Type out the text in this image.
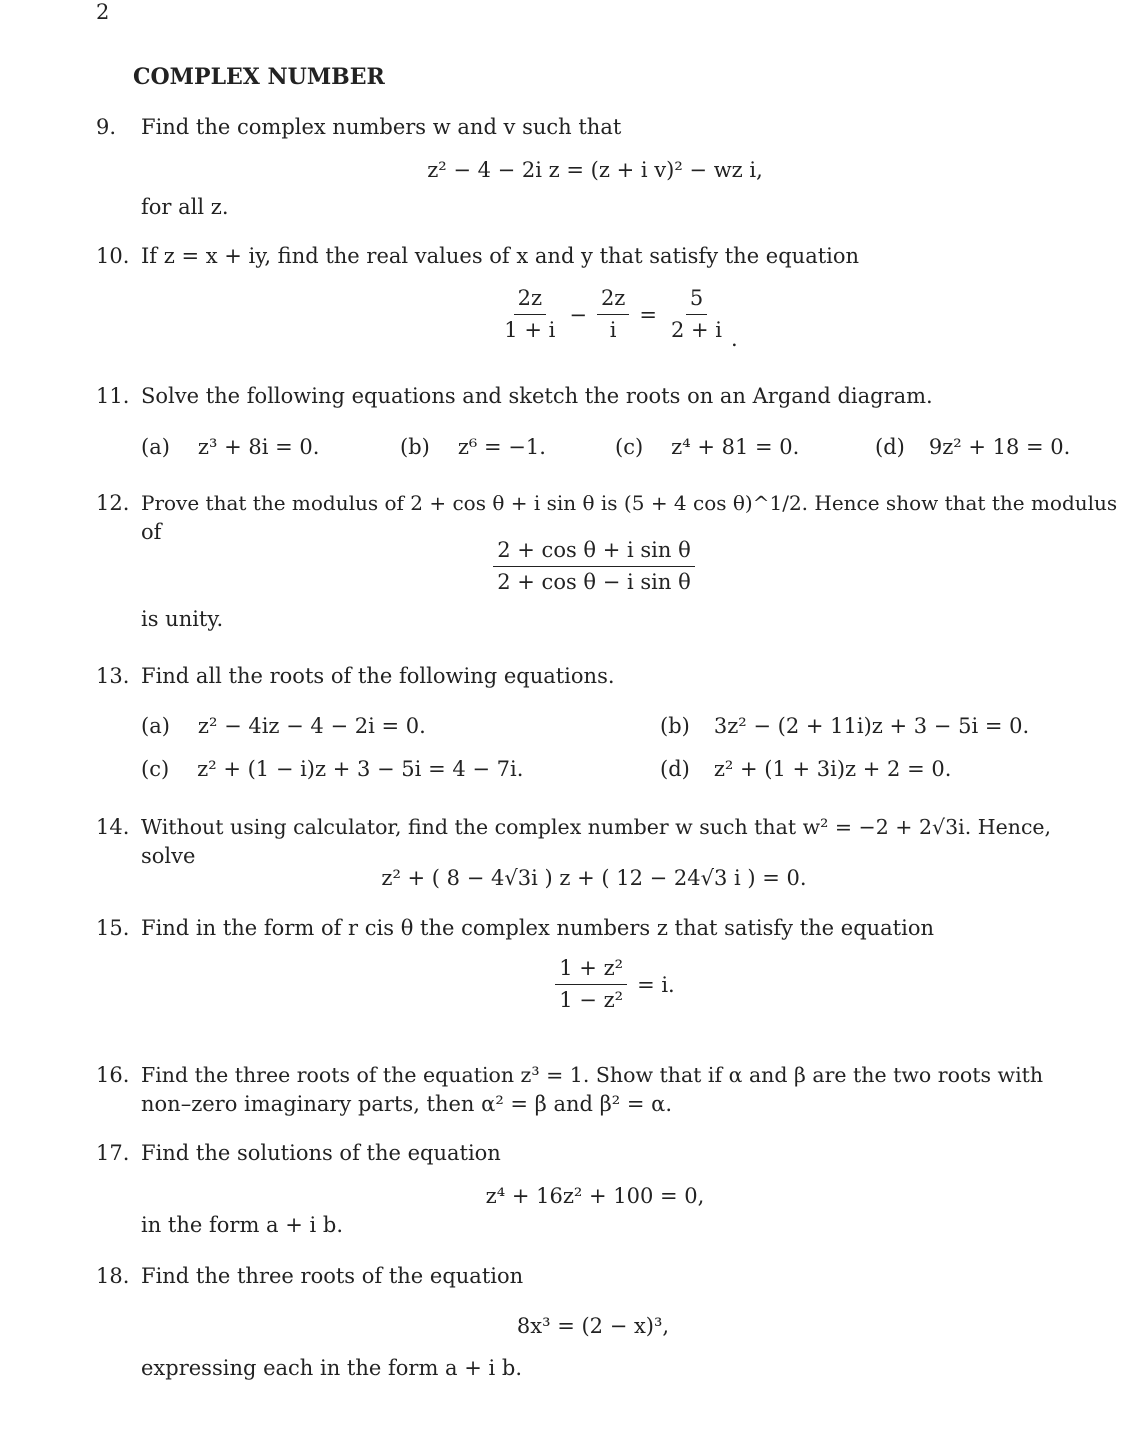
2
COMPLEX NUMBER
9. Find the complex numbers w and v such that
z² − 4 − 2i z = (z + i v)² − wz i,
for all z.
10. If z = x + iy, find the real values of x and y that satisfy the equation
$\frac{2z}{1 + i} - \frac{2z}{i} = \frac{5}{2 + i}$ .
11. Solve the following equations and sketch the roots on an Argand diagram.
(a) z³ + 8i = 0.	(b) z⁶ = −1.	(c) z⁴ + 81 = 0.	(d) 9z² + 18 = 0.
12. Prove that the modulus of 2 + cos θ + i sin θ is (5 + 4 cos θ)^1/2. Hence show that the modulus
of
$\frac{\text{2 + cos θ + i sin θ}}{\text{2 + cos θ − i sin θ}}$
is unity.
13. Find all the roots of the following equations.
(a) z² − 4iz − 4 − 2i = 0.	(b) 3z² − (2 + 11i)z + 3 − 5i = 0.
(c) z² + (1 − i)z + 3 − 5i = 4 − 7i.	(d) z² + (1 + 3i)z + 2 = 0.
14. Without using calculator, find the complex number w such that w² = −2 + 2√3i. Hence,
solve
z² + ( 8 − 4√3i ) z + ( 12 − 24√3 i ) = 0.
15. Find in the form of r cis θ the complex numbers z that satisfy the equation
$\frac{\text{1 + z²}}{\text{1 − z²}} = i$.
16. Find the three roots of the equation z³ = 1. Show that if α and β are the two roots with
non–zero imaginary parts, then α² = β and β² = α.
17. Find the solutions of the equation
z⁴ + 16z² + 100 = 0,
in the form a + i b.
18. Find the three roots of the equation
8x³ = (2 − x)³,
expressing each in the form a + i b.
